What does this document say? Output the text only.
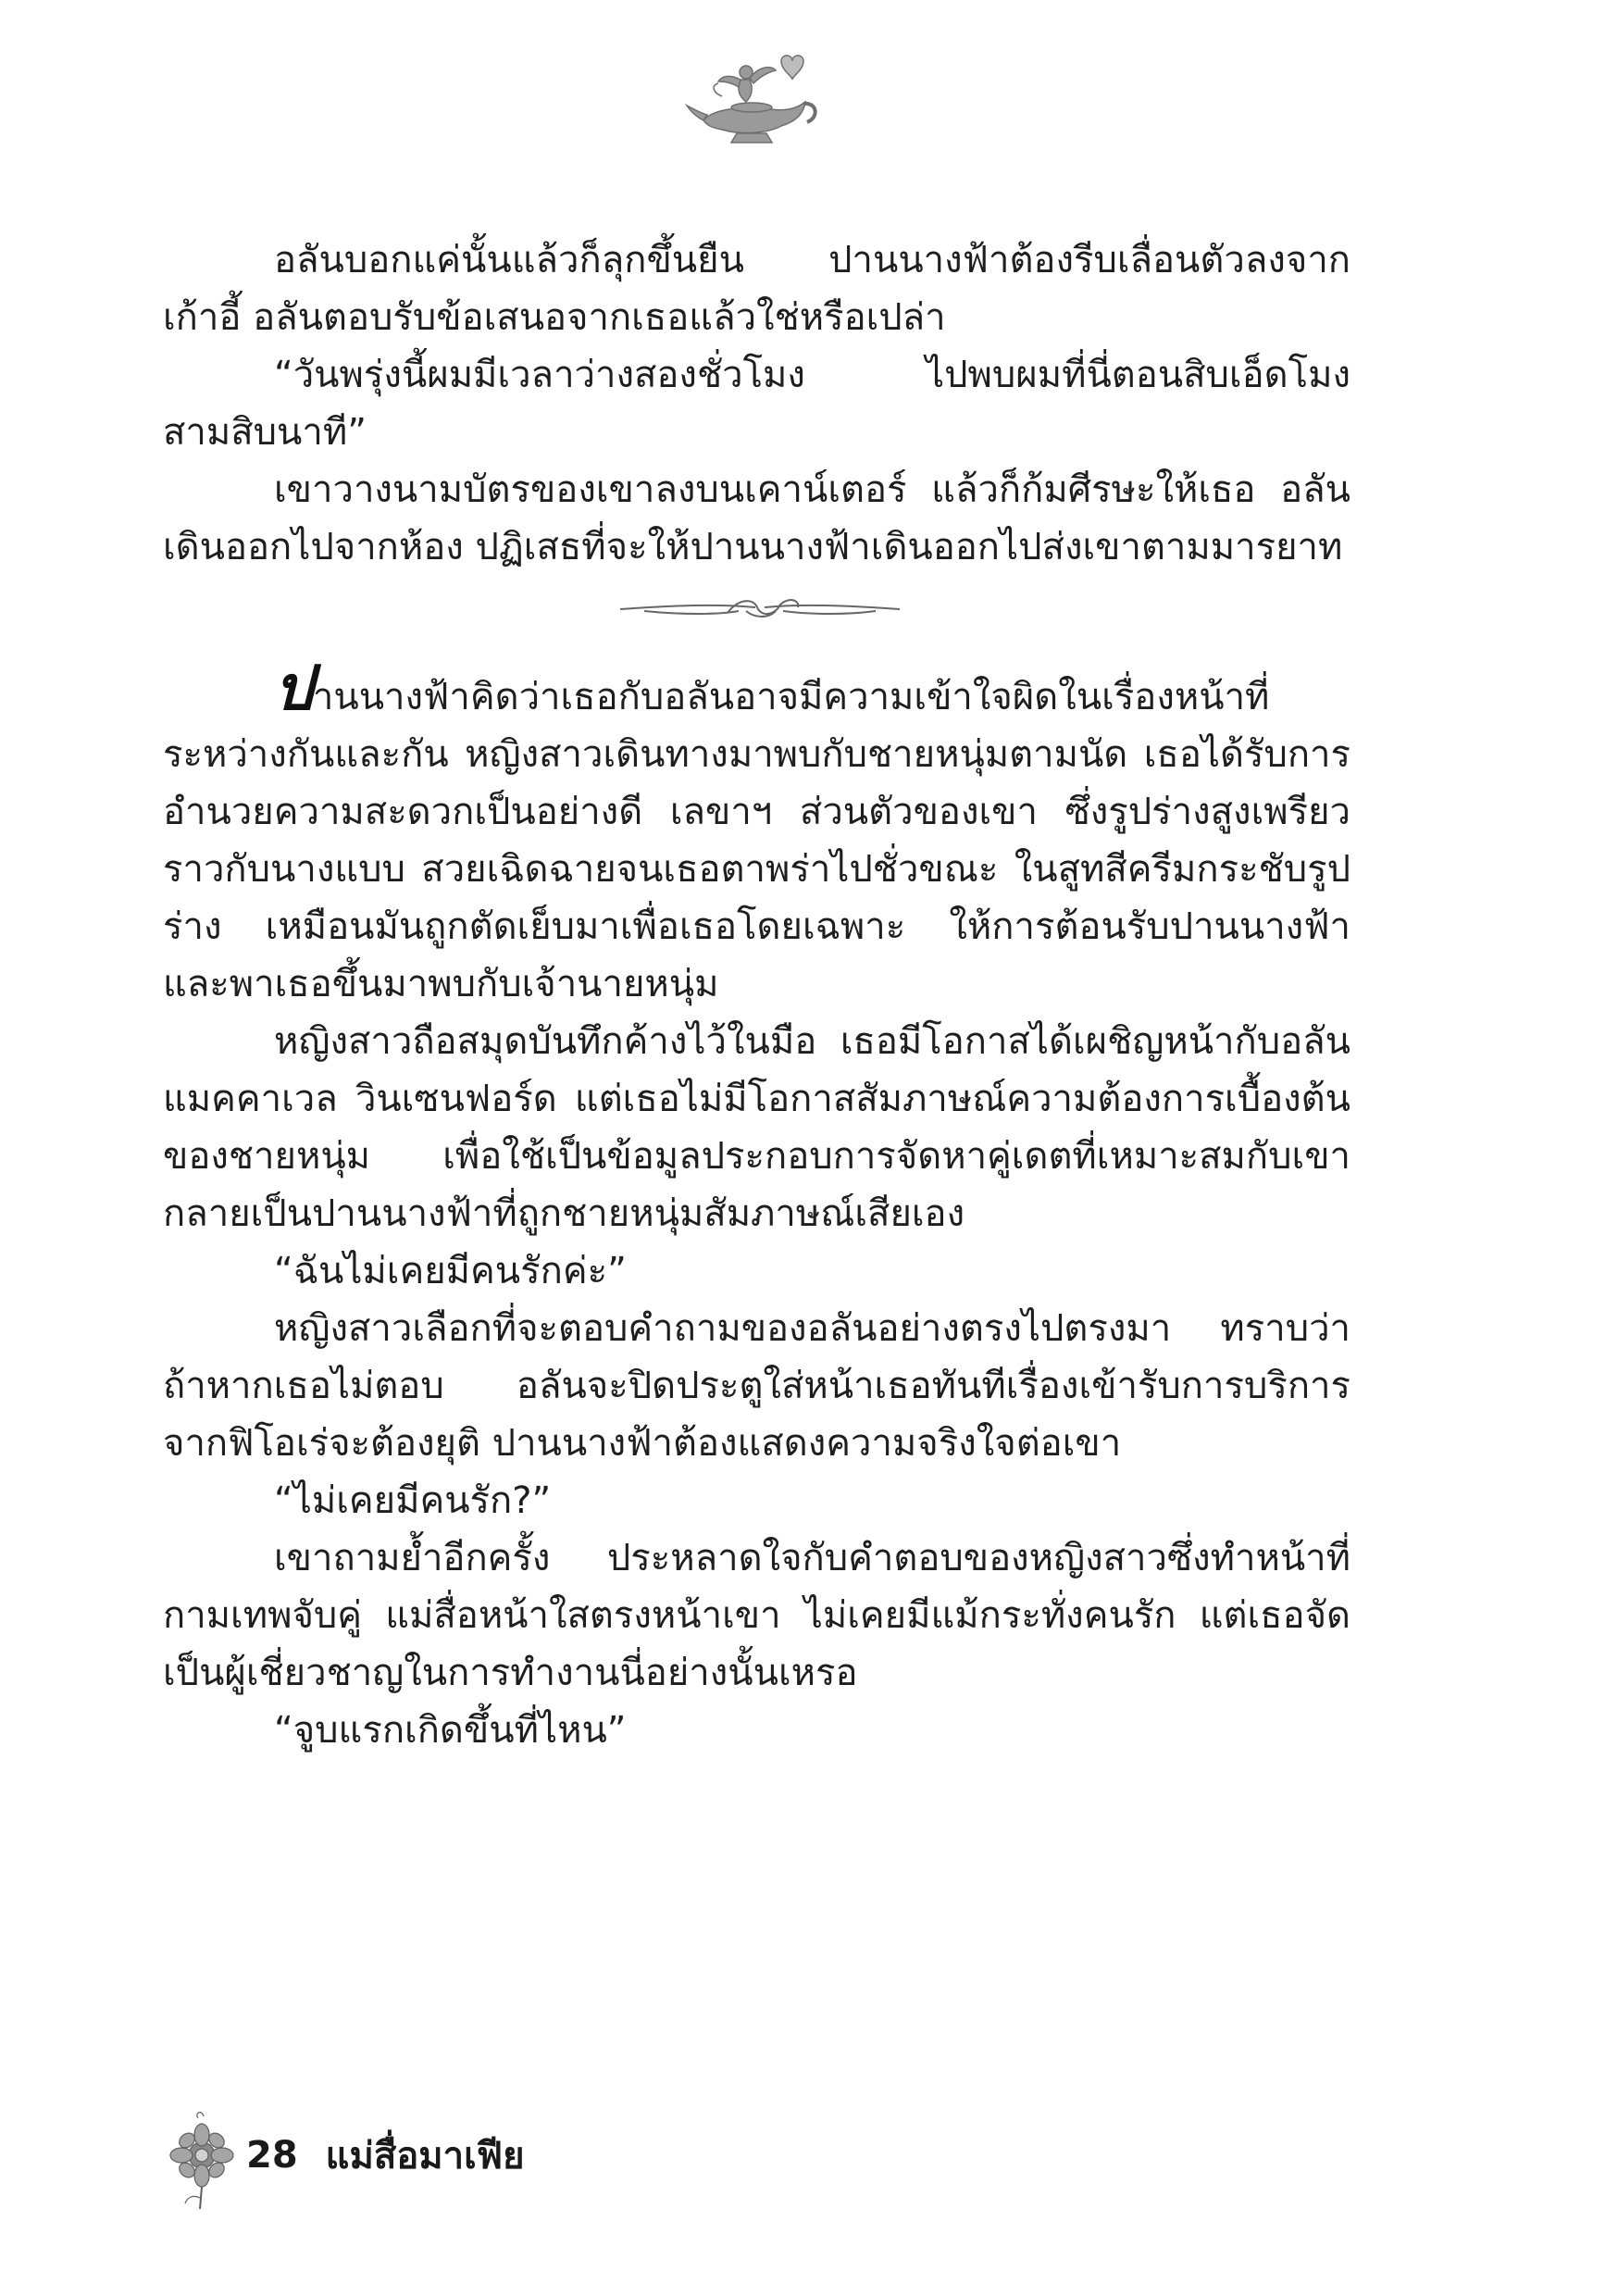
อลันบอกแค่นั้นแล้วก็ลุกขึ้นยืน ปานนางฟ้าต้องรีบเลื่อนตัวลงจากเก้าอี้ อลันตอบรับข้อเสนอจากเธอแล้วใช่หรือเปล่า

“วันพรุ่งนี้ผมมีเวลาว่างสองชั่วโมง ไปพบผมที่นี่ตอนสิบเอ็ดโมงสามสิบนาที”

เขาวางนามบัตรของเขาลงบนเคาน์เตอร์ แล้วก็ก้มศีรษะให้เธอ อลันเดินออกไปจากห้อง ปฏิเสธที่จะให้ปานนางฟ้าเดินออกไปส่งเขาตามมารยาท

ปานนางฟ้าคิดว่าเธอกับอลันอาจมีความเข้าใจผิดในเรื่องหน้าที่ระหว่างกันและกัน หญิงสาวเดินทางมาพบกับชายหนุ่มตามนัด เธอได้รับการอำนวยความสะดวกเป็นอย่างดี เลขาฯ ส่วนตัวของเขา ซึ่งรูปร่างสูงเพรียวราวกับนางแบบ สวยเฉิดฉายจนเธอตาพร่าไปชั่วขณะ ในสูทสีครีมกระชับรูปร่าง เหมือนมันถูกตัดเย็บมาเพื่อเธอโดยเฉพาะ ให้การต้อนรับปานนางฟ้าและพาเธอขึ้นมาพบกับเจ้านายหนุ่ม

หญิงสาวถือสมุดบันทึกค้างไว้ในมือ เธอมีโอกาสได้เผชิญหน้ากับอลัน แมคคาเวล วินเซนฟอร์ด แต่เธอไม่มีโอกาสสัมภาษณ์ความต้องการเบื้องต้นของชายหนุ่ม เพื่อใช้เป็นข้อมูลประกอบการจัดหาคู่เดตที่เหมาะสมกับเขา กลายเป็นปานนางฟ้าที่ถูกชายหนุ่มสัมภาษณ์เสียเอง

“ฉันไม่เคยมีคนรักค่ะ”

หญิงสาวเลือกที่จะตอบคำถามของอลันอย่างตรงไปตรงมา ทราบว่าถ้าหากเธอไม่ตอบ อลันจะปิดประตูใส่หน้าเธอทันทีเรื่องเข้ารับการบริการจากฟิโอเร่จะต้องยุติ ปานนางฟ้าต้องแสดงความจริงใจต่อเขา

“ไม่เคยมีคนรัก?”

เขาถามย้ำอีกครั้ง ประหลาดใจกับคำตอบของหญิงสาวซึ่งทำหน้าที่กามเทพจับคู่ แม่สื่อหน้าใสตรงหน้าเขา ไม่เคยมีแม้กระทั่งคนรัก แต่เธอจัดเป็นผู้เชี่ยวชาญในการทำงานนี่อย่างนั้นเหรอ

“จูบแรกเกิดขึ้นที่ไหน”

28 แม่สื่อมาเฟีย
